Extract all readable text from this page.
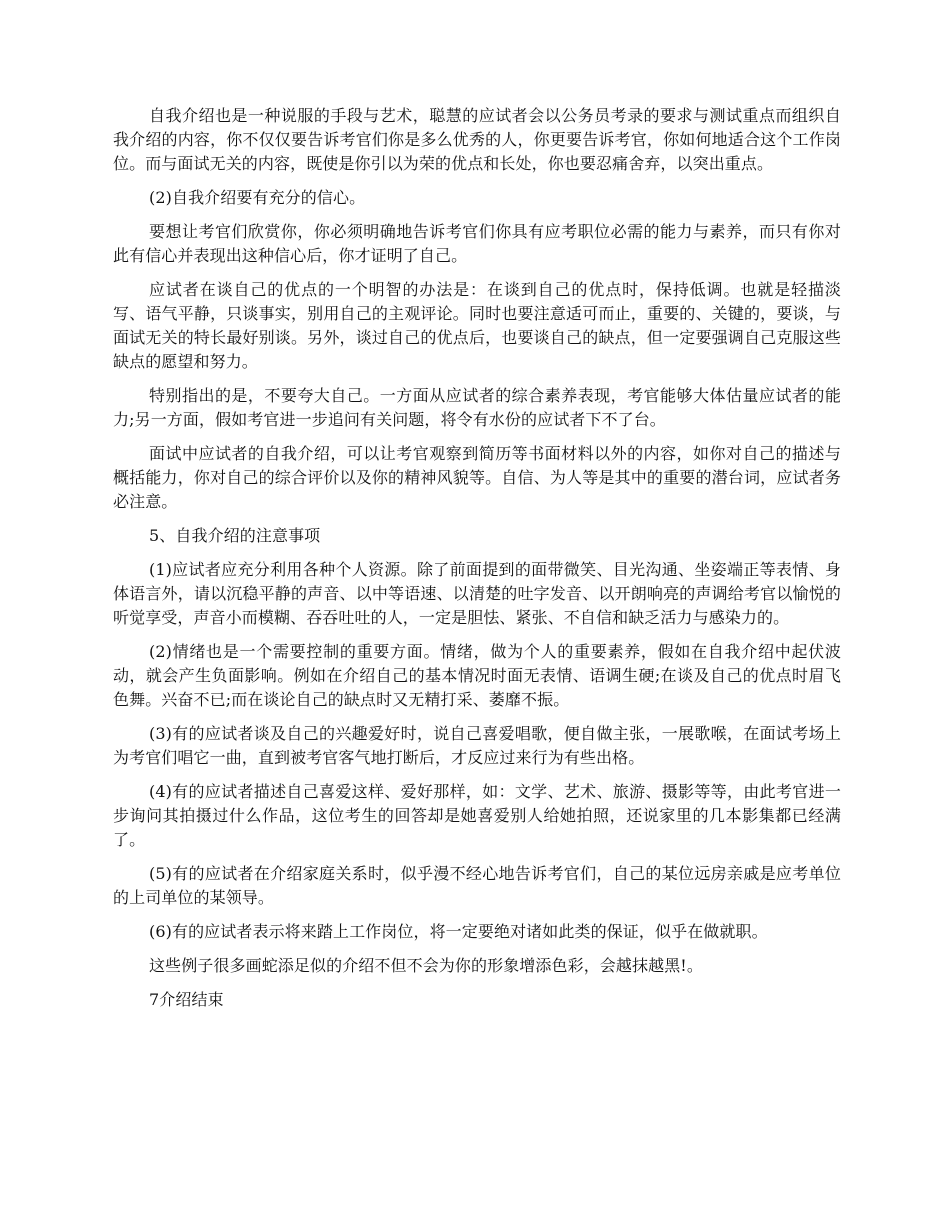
自我介绍也是一种说服的手段与艺术，聪慧的应试者会以公务员考录的要求与测试重点而组织自我介绍的内容，你不仅仅要告诉考官们你是多么优秀的人，你更要告诉考官，你如何地适合这个工作岗位。而与面试无关的内容，既使是你引以为荣的优点和长处，你也要忍痛舍弃，以突出重点。

(2)自我介绍要有充分的信心。

要想让考官们欣赏你，你必须明确地告诉考官们你具有应考职位必需的能力与素养，而只有你对此有信心并表现出这种信心后，你才证明了自己。

应试者在谈自己的优点的一个明智的办法是：在谈到自己的优点时，保持低调。也就是轻描淡写、语气平静，只谈事实，别用自己的主观评论。同时也要注意适可而止，重要的、关键的，要谈，与面试无关的特长最好别谈。另外，谈过自己的优点后，也要谈自己的缺点，但一定要强调自己克服这些缺点的愿望和努力。

特别指出的是，不要夸大自己。一方面从应试者的综合素养表现，考官能够大体估量应试者的能力;另一方面，假如考官进一步追问有关问题，将令有水份的应试者下不了台。

面试中应试者的自我介绍，可以让考官观察到简历等书面材料以外的内容，如你对自己的描述与概括能力，你对自己的综合评价以及你的精神风貌等。自信、为人等是其中的重要的潜台词，应试者务必注意。

5、自我介绍的注意事项

(1)应试者应充分利用各种个人资源。除了前面提到的面带微笑、目光沟通、坐姿端正等表情、身体语言外，请以沉稳平静的声音、以中等语速、以清楚的吐字发音、以开朗响亮的声调给考官以愉悦的听觉享受，声音小而模糊、吞吞吐吐的人，一定是胆怯、紧张、不自信和缺乏活力与感染力的。

(2)情绪也是一个需要控制的重要方面。情绪，做为个人的重要素养，假如在自我介绍中起伏波动，就会产生负面影响。例如在介绍自己的基本情况时面无表情、语调生硬;在谈及自己的优点时眉飞色舞。兴奋不已;而在谈论自己的缺点时又无精打采、萎靡不振。

(3)有的应试者谈及自己的兴趣爱好时，说自己喜爱唱歌，便自做主张，一展歌喉，在面试考场上为考官们唱它一曲，直到被考官客气地打断后，才反应过来行为有些出格。

(4)有的应试者描述自己喜爱这样、爱好那样，如：文学、艺术、旅游、摄影等等，由此考官进一步询问其拍摄过什么作品，这位考生的回答却是她喜爱别人给她拍照，还说家里的几本影集都已经满了。

(5)有的应试者在介绍家庭关系时，似乎漫不经心地告诉考官们，自己的某位远房亲戚是应考单位的上司单位的某领导。

(6)有的应试者表示将来踏上工作岗位，将一定要绝对诸如此类的保证，似乎在做就职。

这些例子很多画蛇添足似的介绍不但不会为你的形象增添色彩，会越抹越黑!。

7介绍结束
